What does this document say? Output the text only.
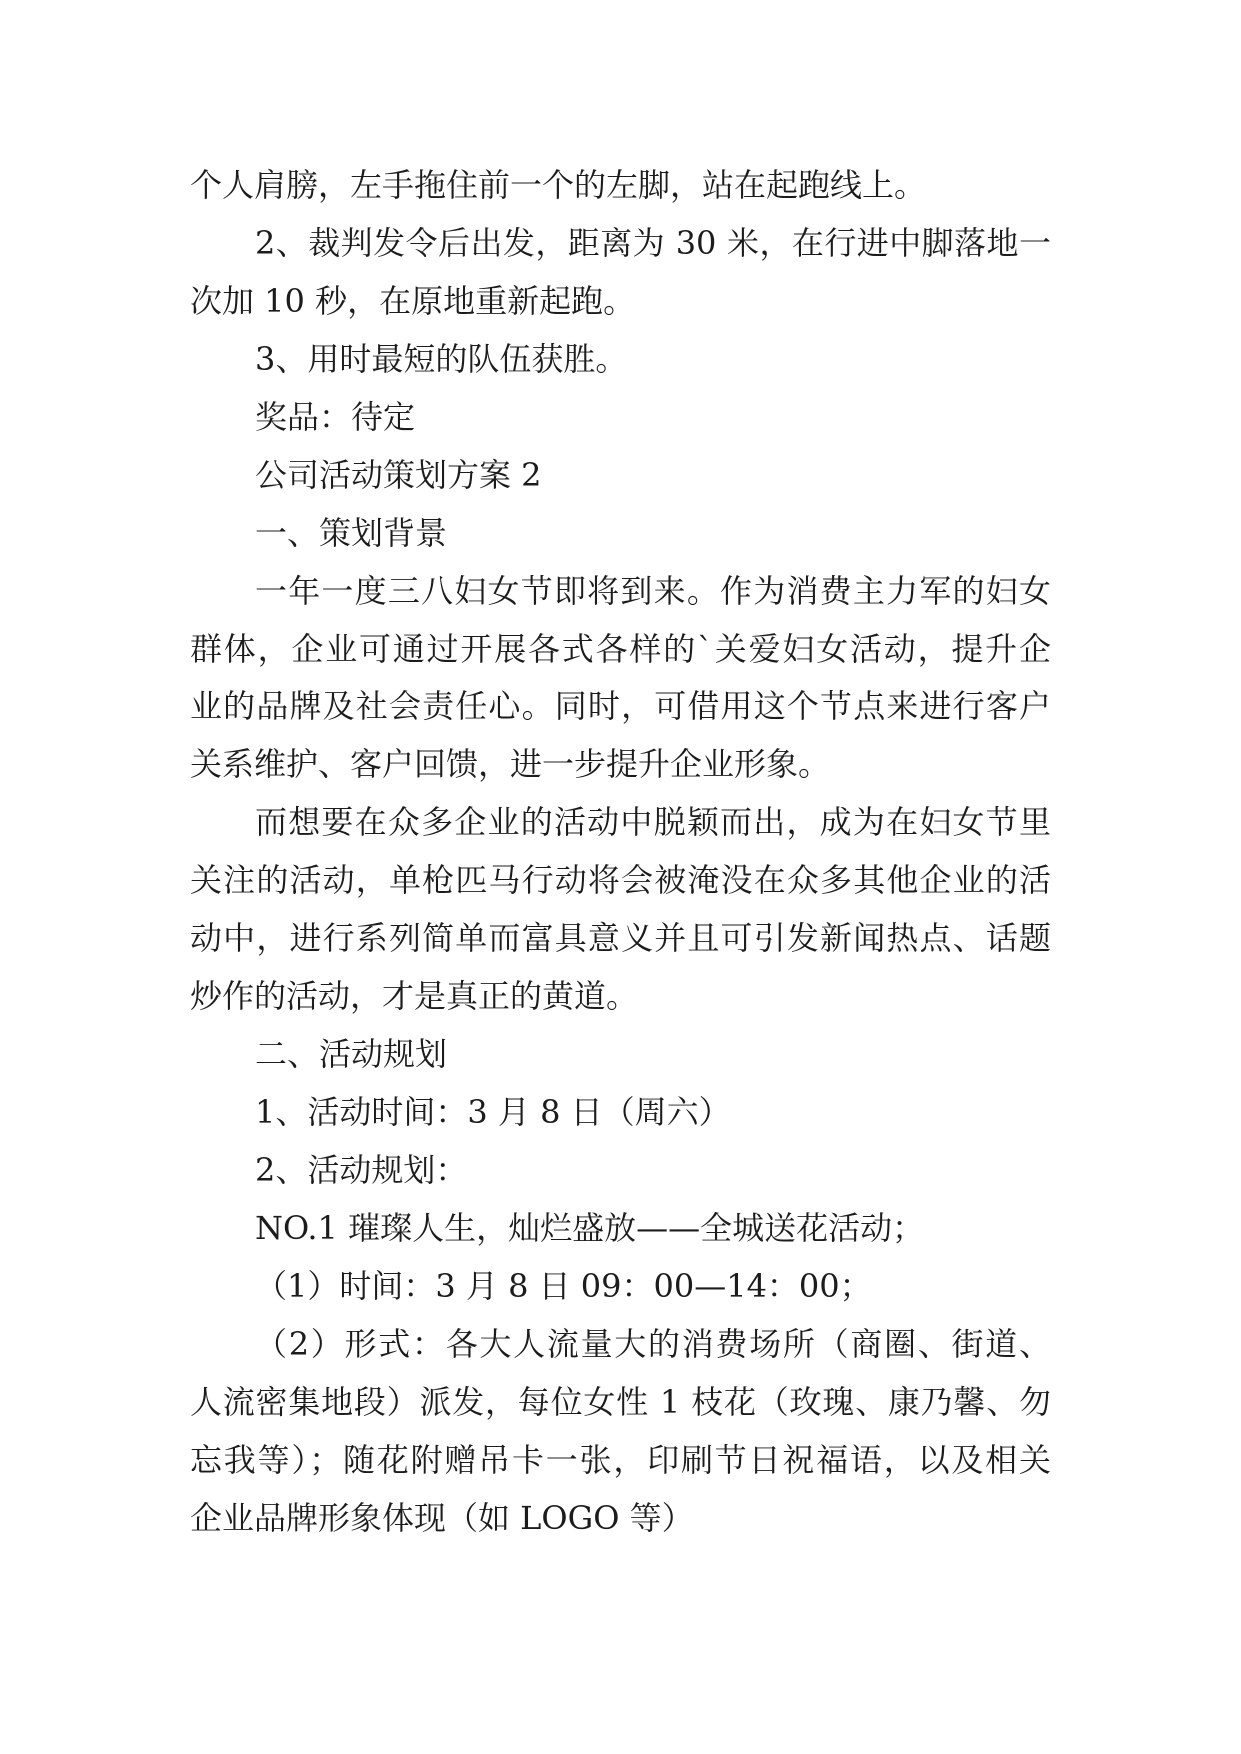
个人肩膀，左手拖住前一个的左脚，站在起跑线上。
2、裁判发令后出发，距离为 30 米，在行进中脚落地一
次加 10 秒，在原地重新起跑。
3、用时最短的队伍获胜。
奖品：待定
公司活动策划方案 2
一、策划背景
一年一度三八妇女节即将到来。作为消费主力军的妇女
群体，企业可通过开展各式各样的`关爱妇女活动，提升企
业的品牌及社会责任心。同时，可借用这个节点来进行客户
关系维护、客户回馈，进一步提升企业形象。
而想要在众多企业的活动中脱颖而出，成为在妇女节里
关注的活动，单枪匹马行动将会被淹没在众多其他企业的活
动中，进行系列简单而富具意义并且可引发新闻热点、话题
炒作的活动，才是真正的黄道。
二、活动规划
1、活动时间：3 月 8 日（周六）
2、活动规划：
NO.1 璀璨人生，灿烂盛放——全城送花活动；
（1）时间：3 月 8 日 09：00—14：00；
（2）形式：各大人流量大的消费场所（商圈、街道、
人流密集地段）派发，每位女性 1 枝花（玫瑰、康乃馨、勿
忘我等）；随花附赠吊卡一张，印刷节日祝福语，以及相关
企业品牌形象体现（如 LOGO 等）
